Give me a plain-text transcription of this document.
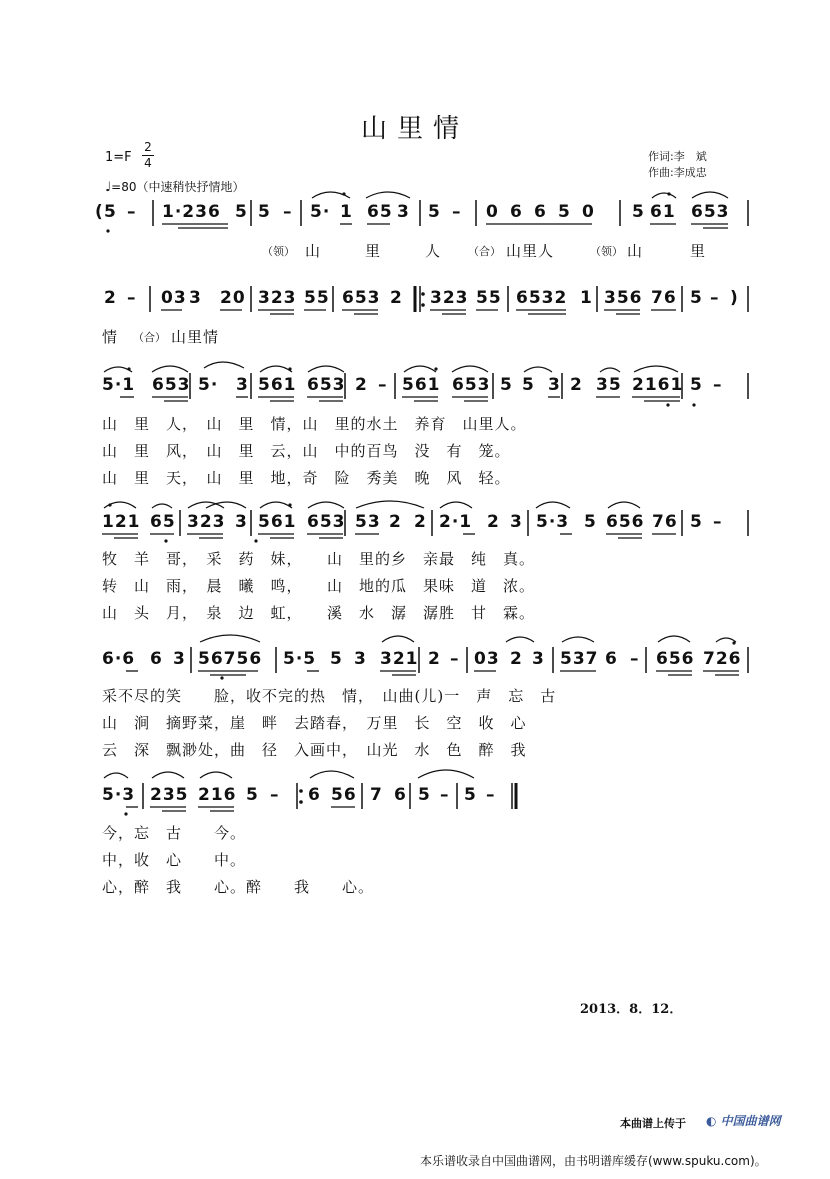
山里情
$1=F \frac{2}{4}$
♩=80（中速稍快抒情地）
作词:李　斌
作曲:李成忠
( 5 – 1·236 5 5 – 5· 1 65 3 5 – 0 6 6 5 0 5 61 653
（领） 山	里	人 （合） 山里人	（领） 山	里
2 – 03 3 20 323 55 653 2 323 55 6532 1 356 76 5 – )
情 （合） 山里情
5·1 653 5· 3 561 653 2 – 561 653 5 5 3 2 35 2161 5 –
山　里　人，　山　里　情，山　里的水土　养育　山里人。
山　里　风，　山　里　云，山　中的百鸟　没　有　笼。
山　里　天，　山　里　地，奇　险　秀美　晚　风　轻。
121 65 323 3 561 653 53 2 2 2·1 2 3 5·3 5 656 76 5 –
牧　羊　哥，　采　药　妹，　　山　里的乡　亲最　纯　真。
转　山　雨，　晨　曦　鸣，　　山　地的瓜　果味　道　浓。
山　头　月，　泉　边　虹，　　溪　水　潺　潺胜　甘　霖。
6·6 6 3 56756 5·5 5 3 321 2 – 03 2 3 537 6 – 656 726
采不尽的笑　　脸，收不完的热　情，　山曲(儿)一　声　忘　古
山　涧　摘野菜，崖　畔　去踏春，　万里　长　空　收　心
云　深　飘渺处，曲　径　入画中，　山光　水　色　醉　我
5·3 235 216 5 – 6 56 7 6 5 – 5 –
今，忘　古　　今。
中，收　心　　中。
心，醉　我　　心。醉　　我　　心。
2013．8．12．
本曲谱上传于 ◐ 中国曲谱网
本乐谱收录自中国曲谱网，由书明谱库缓存(www.spuku.com)。
